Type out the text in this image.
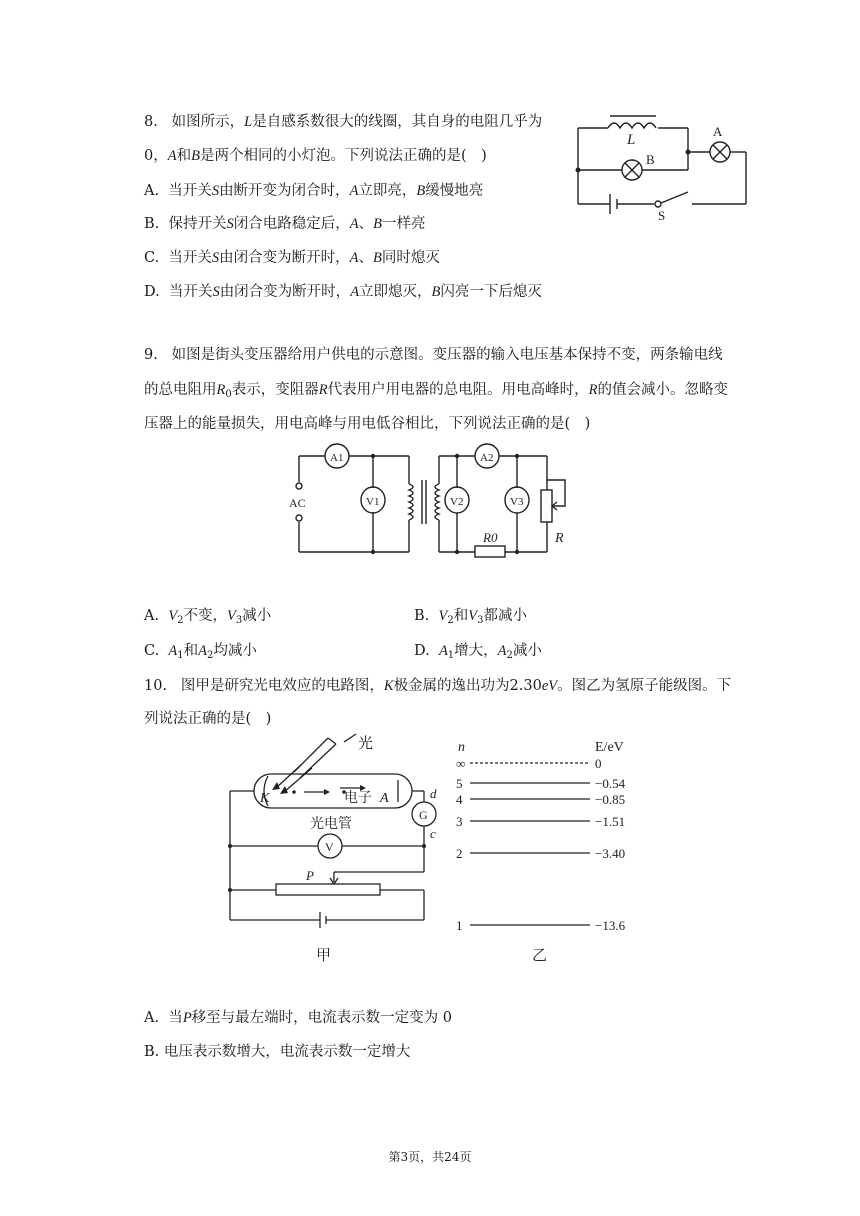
8.   如图所示，L是自感系数很大的线圈，其自身的电阻几乎为
0，A和B是两个相同的小灯泡。下列说法正确的是(　)
A.  当开关S由断开变为闭合时，A立即亮，B缓慢地亮
B.  保持开关S闭合电路稳定后，A、B一样亮
C.  当开关S由闭合变为断开时，A、B同时熄灭
D.  当开关S由闭合变为断开时，A立即熄灭，B闪亮一下后熄灭
L
A
B
S
9.   如图是街头变压器给用户供电的示意图。变压器的输入电压基本保持不变，两条输电线
的总电阻用$R_0$表示，变阻器R代表用户用电器的总电阻。用电高峰时，R的值会减小。忽略变
压器上的能量损失，用电高峰与用电低谷相比，下列说法正确的是(　)
AC
A1
V1
A2
V2	V3
R0	R
A.  $V_2$不变，$V_3$减小	B.  $V_2$和$V_3$都减小
C.  $A_1$和$A_2$均减小	D.  $A_1$增大，$A_2$减小
10.   图甲是研究光电效应的电路图，K极金属的逸出功为2.30eV。图乙为氢原子能级图。下
列说法正确的是(　)
光
K	电子 A
光电管
d
G
c
V
P
甲
n	E/eV
∞	0
5	−0.54
4	−0.85
3	−1.51
2	−3.40
1	−13.6
乙
A.  当P移至与最左端时，电流表示数一定变为 0
B. 电压表示数增大，电流表示数一定增大
第3页，共24页
